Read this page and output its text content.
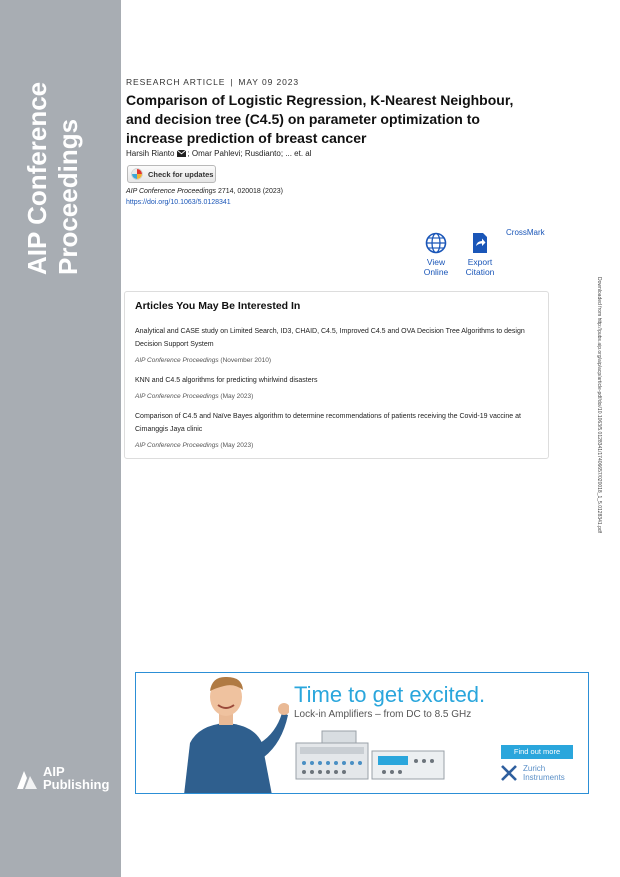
AIP Conference Proceedings
AIP
Publishing
RESEARCH ARTICLE | MAY 09 2023
Comparison of Logistic Regression, K-Nearest Neighbour, and decision tree (C4.5) on parameter optimization to increase prediction of breast cancer
Harsih Rianto ; Omar Pahlevi; Rusdianto; ... et. al
Check for updates
AIP Conference Proceedings 2714, 020018 (2023)
https://doi.org/10.1063/5.0128341
View
Online
Export
Citation
CrossMark
Articles You May Be Interested In
Analytical and CASE study on Limited Search, ID3, CHAID, C4.5, Improved C4.5 and OVA Decision Tree Algorithms to design Decision Support System
AIP Conference Proceedings (November 2010)
KNN and C4.5 algorithms for predicting whirlwind disasters
AIP Conference Proceedings (May 2023)
Comparison of C4.5 and Naïve Bayes algorithm to determine recommendations of patients receiving the Covid-19 vaccine at Cimanggis Jaya clinic
AIP Conference Proceedings (May 2023)	Downloaded from http://pubs.aip.org/aip/acp/article-pdf/doi/10.1063/5.0128341/17406657/020018_1_5.0128341.pdf
Time to get excited.
Lock-in Amplifiers – from DC to 8.5 GHz
Find out more
Zurich
Instruments
